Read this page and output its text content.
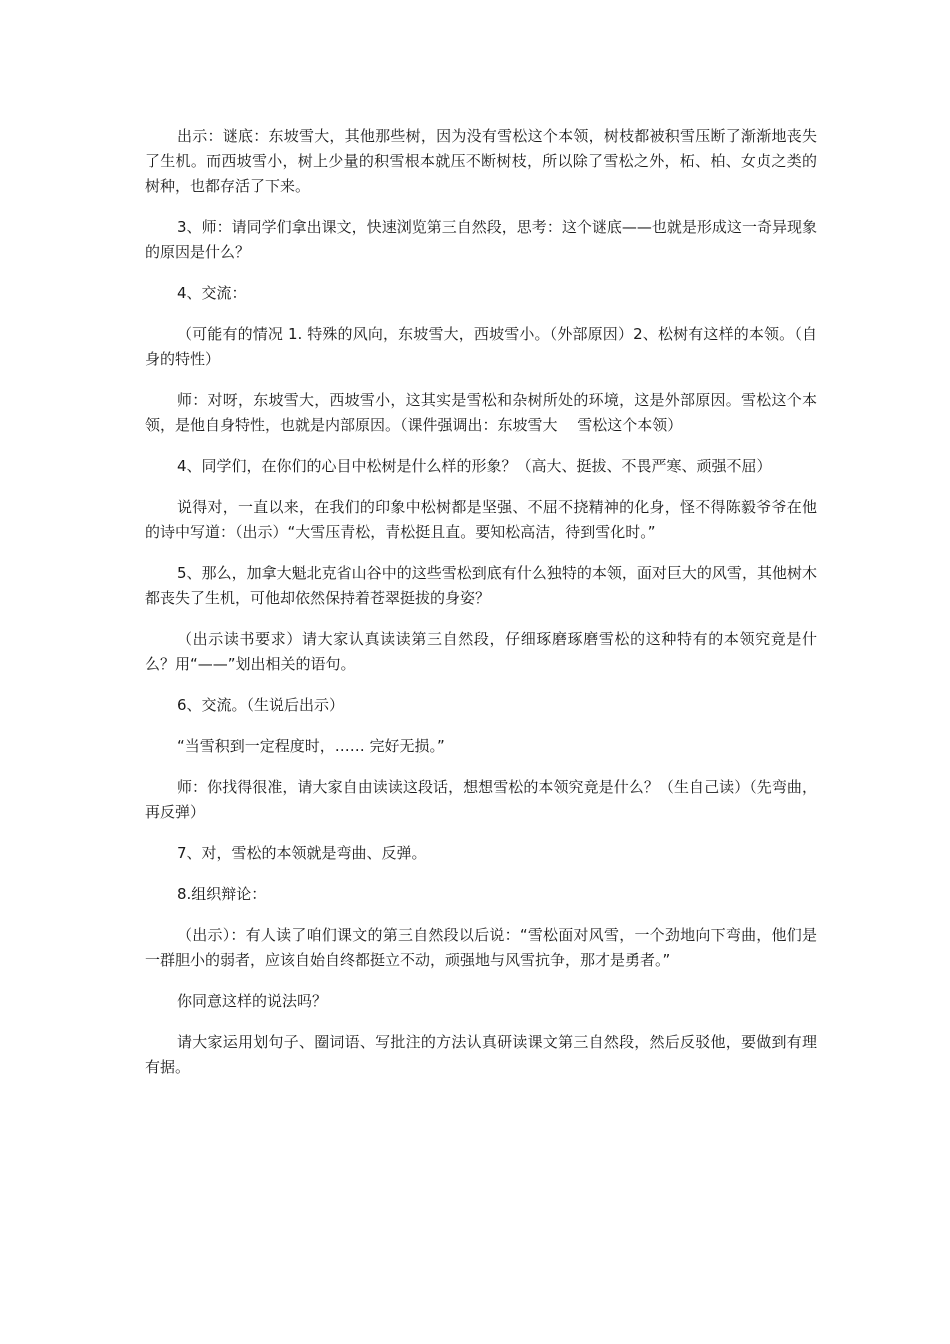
出示：谜底：东坡雪大，其他那些树，因为没有雪松这个本领，树枝都被积雪压断了渐渐地丧失了生机。而西坡雪小，树上少量的积雪根本就压不断树枝，所以除了雪松之外，柘、柏、女贞之类的树种，也都存活了下来。

3、师：请同学们拿出课文，快速浏览第三自然段，思考：这个谜底——也就是形成这一奇异现象的原因是什么？

4、交流：

（可能有的情况 1. 特殊的风向，东坡雪大，西坡雪小。（外部原因）2、松树有这样的本领。（自身的特性）

师：对呀，东坡雪大，西坡雪小，这其实是雪松和杂树所处的环境，这是外部原因。雪松这个本领，是他自身特性，也就是内部原因。（课件强调出：东坡雪大　 雪松这个本领）

4、同学们，在你们的心目中松树是什么样的形象？（高大、挺拔、不畏严寒、顽强不屈）

说得对，一直以来，在我们的印象中松树都是坚强、不屈不挠精神的化身，怪不得陈毅爷爷在他的诗中写道：（出示）“大雪压青松，青松挺且直。要知松高洁，待到雪化时。”

5、那么，加拿大魁北克省山谷中的这些雪松到底有什么独特的本领，面对巨大的风雪，其他树木都丧失了生机，可他却依然保持着苍翠挺拔的身姿？

（出示读书要求）请大家认真读读第三自然段，仔细琢磨琢磨雪松的这种特有的本领究竟是什么？用“——”划出相关的语句。

6、交流。（生说后出示）

“当雪积到一定程度时，…… 完好无损。”

师：你找得很准，请大家自由读读这段话，想想雪松的本领究竟是什么？（生自己读）（先弯曲，再反弹）

7、对，雪松的本领就是弯曲、反弹。

8.组织辩论：

（出示）：有人读了咱们课文的第三自然段以后说：“雪松面对风雪，一个劲地向下弯曲，他们是一群胆小的弱者，应该自始自终都挺立不动，顽强地与风雪抗争，那才是勇者。”

你同意这样的说法吗？

请大家运用划句子、圈词语、写批注的方法认真研读课文第三自然段，然后反驳他，要做到有理有据。
